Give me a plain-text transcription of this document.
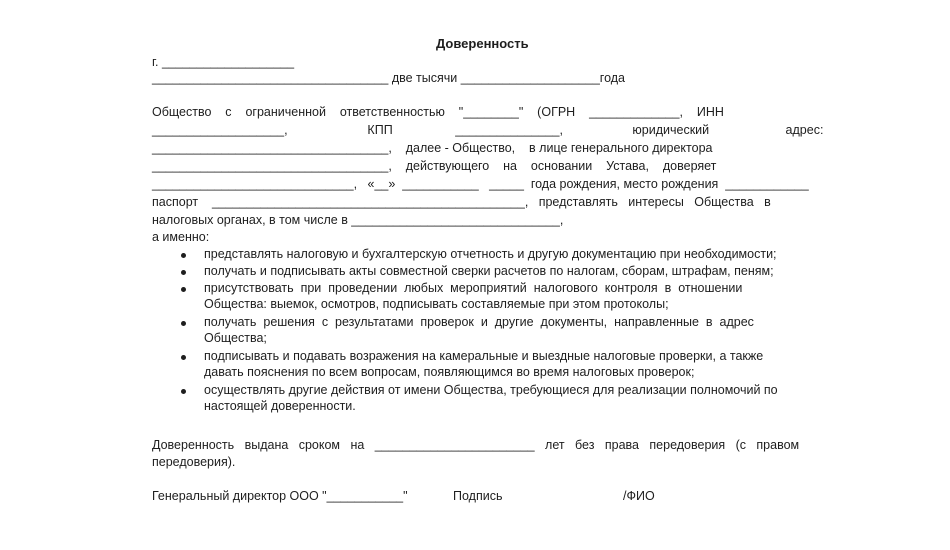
Доверенность
г. ___________________
__________________________________ две тысячи ____________________года
Общество    с    ограниченной    ответственностью    "________"    (ОГРН    _____________,    ИНН
___________________,                       КПП                  _______________,                    юридический                      адрес:
__________________________________,    далее - Общество,    в лице генерального директора
__________________________________,    действующего    на    основании    Устава,    доверяет
_____________________________,   «__»  ___________   _____  года рождения, место рождения  ____________
паспорт    _____________________________________________,   представлять   интересы   Общества   в
налоговых органах, в том числе в ______________________________,
а именно:
представлять налоговую и бухгалтерскую отчетность и другую документацию при необходимости;
получать и подписывать акты совместной сверки расчетов по налогам, сборам, штрафам, пеням;
присутствовать  при  проведении  любых  мероприятий  налогового  контроля  в  отношении
Общества: выемок, осмотров, подписывать составляемые при этом протоколы;
получать  решения  с  результатами  проверок  и  другие  документы,  направленные  в  адрес
Общества;
подписывать и подавать возражения на камеральные и выездные налоговые проверки, а также
давать пояснения по всем вопросам, появляющимся во время налоговых проверок;
осуществлять другие действия от имени Общества, требующиеся для реализации полномочий по
настоящей доверенности.
Доверенность   выдана   сроком   на   _______________________   лет   без   права   передоверия   (с   правом
передоверия).
Генеральный директор ООО "___________"	Подпись	/ФИО
